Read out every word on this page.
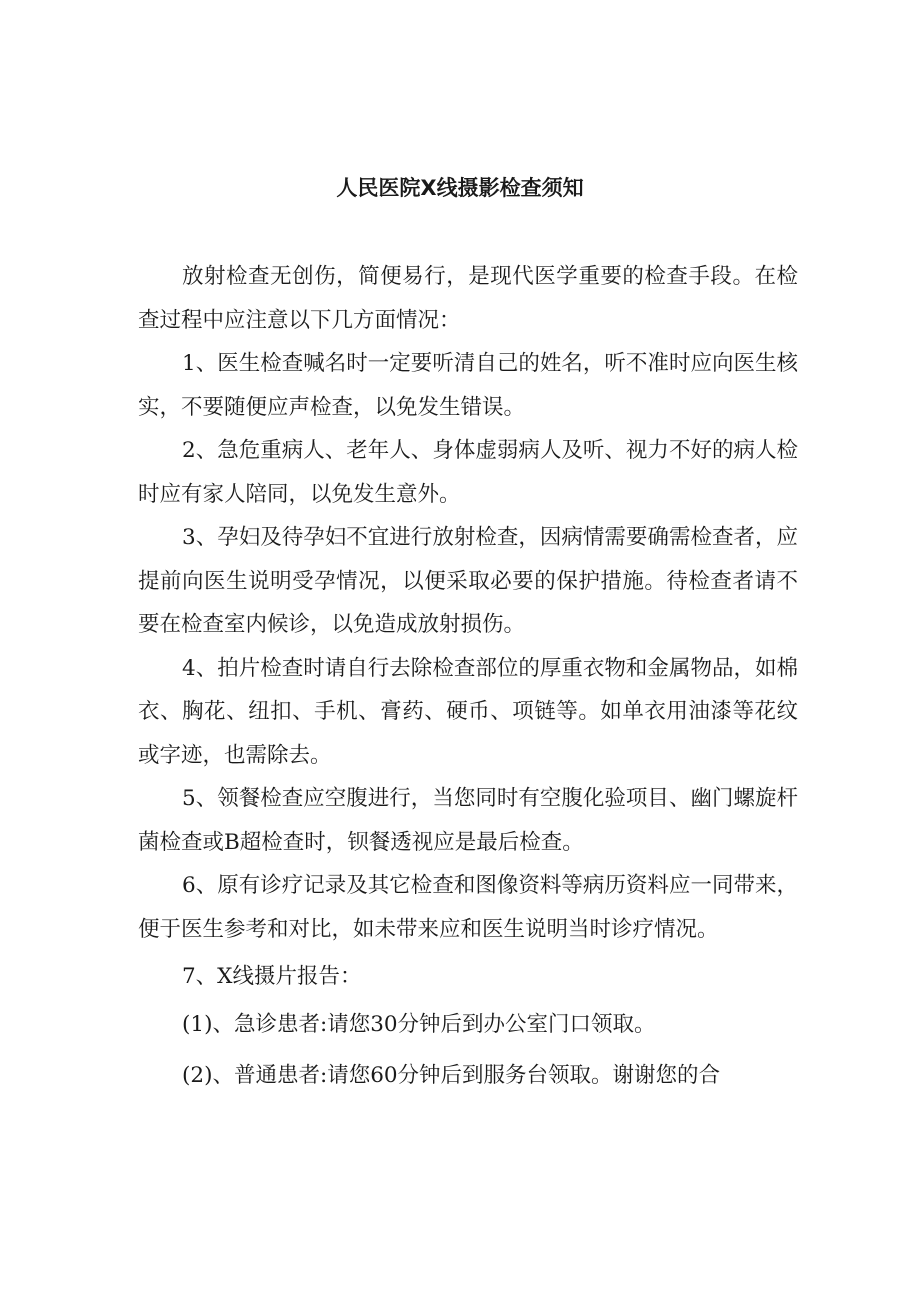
人民医院X线摄影检查须知

放射检查无创伤，简便易行，是现代医学重要的检查手段。在检查过程中应注意以下几方面情况：

1、医生检查喊名时一定要听清自己的姓名，听不准时应向医生核实，不要随便应声检查，以免发生错误。

2、急危重病人、老年人、身体虚弱病人及听、视力不好的病人检时应有家人陪同，以免发生意外。

3、孕妇及待孕妇不宜进行放射检查，因病情需要确需检查者，应提前向医生说明受孕情况，以便采取必要的保护措施。待检查者请不要在检查室内候诊，以免造成放射损伤。

4、拍片检查时请自行去除检查部位的厚重衣物和金属物品，如棉衣、胸花、纽扣、手机、膏药、硬币、项链等。如单衣用油漆等花纹或字迹，也需除去。

5、领餐检查应空腹进行，当您同时有空腹化验项目、幽门螺旋杆菌检查或B超检查时，钡餐透视应是最后检查。

6、原有诊疗记录及其它检查和图像资料等病历资料应一同带来，便于医生参考和对比，如未带来应和医生说明当时诊疗情况。

7、X线摄片报告：

(1)、急诊患者:请您30分钟后到办公室门口领取。

(2)、普通患者:请您60分钟后到服务台领取。谢谢您的合
